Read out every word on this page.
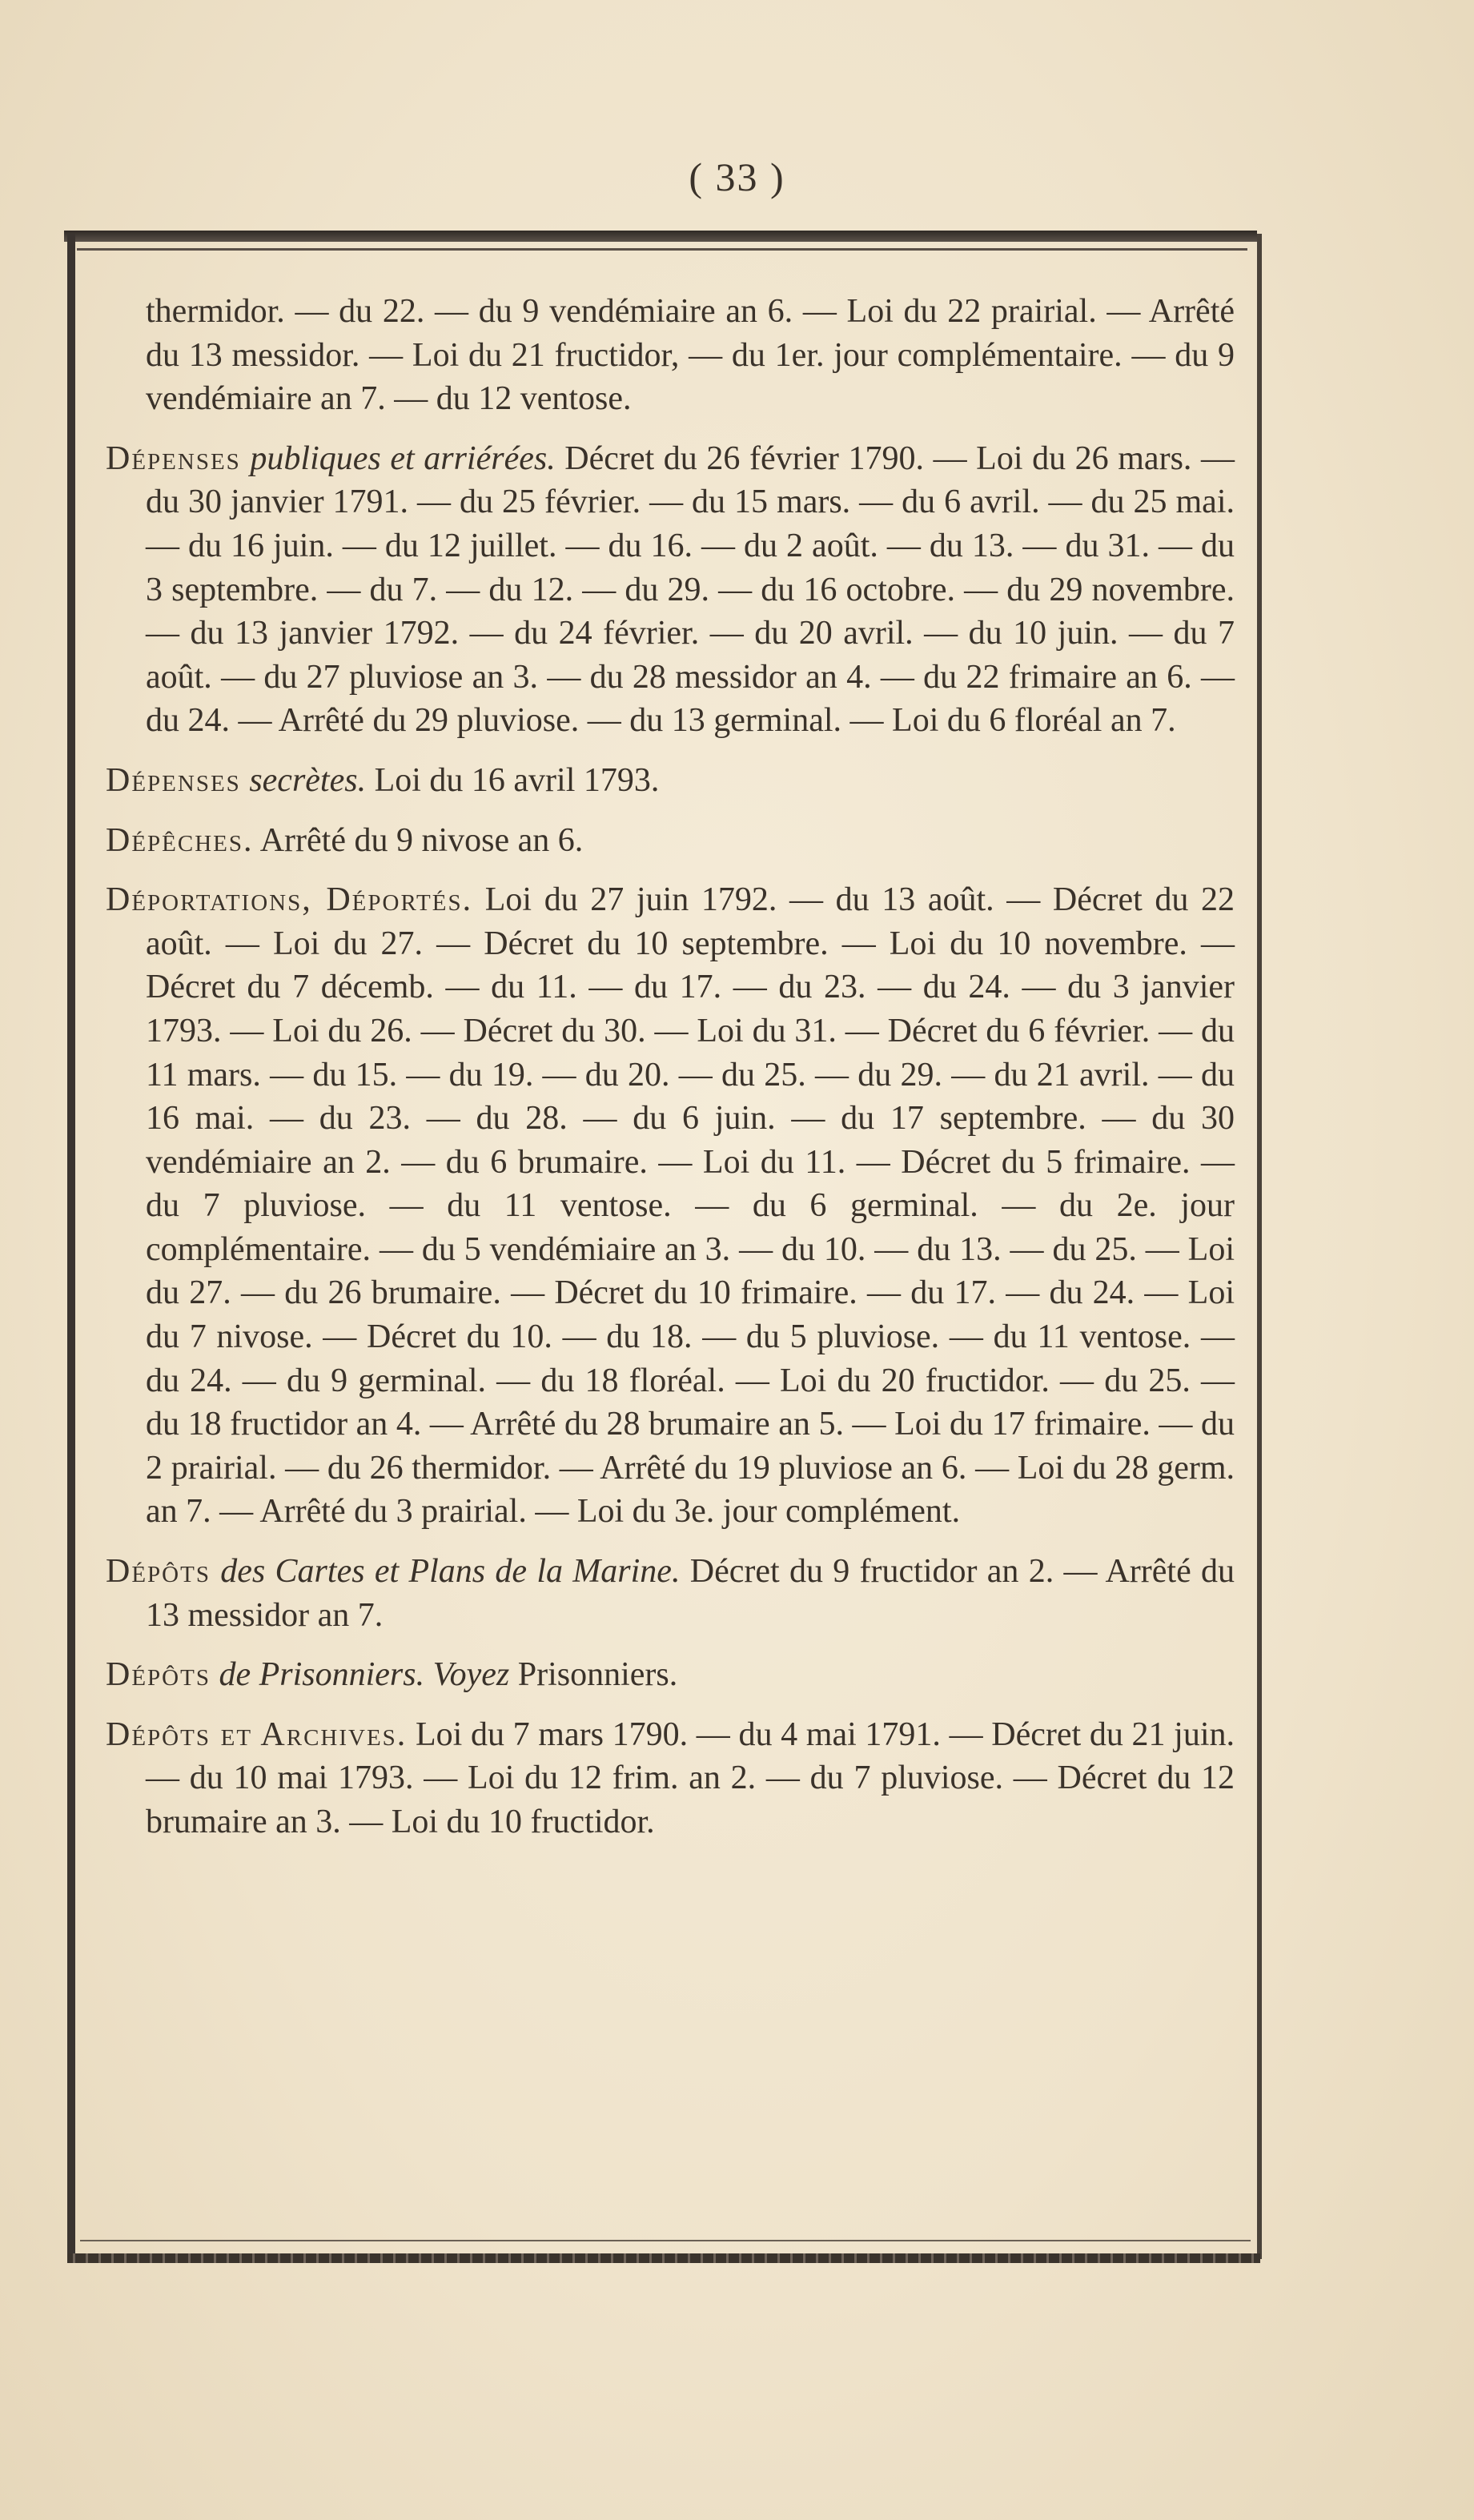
( 33 )

thermidor. — du 22. — du 9 vendémiaire an 6. — Loi du 22 prairial. — Arrêté du 13 messidor. — Loi du 21 fructidor, — du 1er. jour complémentaire. — du 9 vendémiaire an 7. — du 12 ventose.

Dépenses publiques et arriérées. Décret du 26 février 1790. — Loi du 26 mars. — du 30 janvier 1791. — du 25 février. — du 15 mars. — du 6 avril. — du 25 mai. — du 16 juin. — du 12 juillet. — du 16. — du 2 août. — du 13. — du 31. — du 3 septembre. — du 7. — du 12. — du 29. — du 16 octobre. — du 29 novembre. — du 13 janvier 1792. — du 24 février. — du 20 avril. — du 10 juin. — du 7 août. — du 27 pluviose an 3. — du 28 messidor an 4. — du 22 frimaire an 6. — du 24. — Arrêté du 29 pluviose. — du 13 germinal. — Loi du 6 floréal an 7.

Dépenses secrètes. Loi du 16 avril 1793.

Dépêches. Arrêté du 9 nivose an 6.

Déportations, Déportés. Loi du 27 juin 1792. — du 13 août. — Décret du 22 août. — Loi du 27. — Décret du 10 septembre. — Loi du 10 novembre. — Décret du 7 décemb. — du 11. — du 17. — du 23. — du 24. — du 3 janvier 1793. — Loi du 26. — Décret du 30. — Loi du 31. — Décret du 6 février. — du 11 mars. — du 15. — du 19. — du 20. — du 25. — du 29. — du 21 avril. — du 16 mai. — du 23. — du 28. — du 6 juin. — du 17 septembre. — du 30 vendémiaire an 2. — du 6 brumaire. — Loi du 11. — Décret du 5 frimaire. — du 7 pluviose. — du 11 ventose. — du 6 germinal. — du 2e. jour complémentaire. — du 5 vendémiaire an 3. — du 10. — du 13. — du 25. — Loi du 27. — du 26 brumaire. — Décret du 10 frimaire. — du 17. — du 24. — Loi du 7 nivose. — Décret du 10. — du 18. — du 5 pluviose. — du 11 ventose. — du 24. — du 9 germinal. — du 18 floréal. — Loi du 20 fructidor. — du 25. — du 18 fructidor an 4. — Arrêté du 28 brumaire an 5. — Loi du 17 frimaire. — du 2 prairial. — du 26 thermidor. — Arrêté du 19 pluviose an 6. — Loi du 28 germ. an 7. — Arrêté du 3 prairial. — Loi du 3e. jour complément.

Dépôts des Cartes et Plans de la Marine. Décret du 9 fructidor an 2. — Arrêté du 13 messidor an 7.

Dépôts de Prisonniers. Voyez Prisonniers.

Dépôts et Archives. Loi du 7 mars 1790. — du 4 mai 1791. — Décret du 21 juin. — du 10 mai 1793. — Loi du 12 frim. an 2. — du 7 pluviose. — Décret du 12 brumaire an 3. — Loi du 10 fructidor.
